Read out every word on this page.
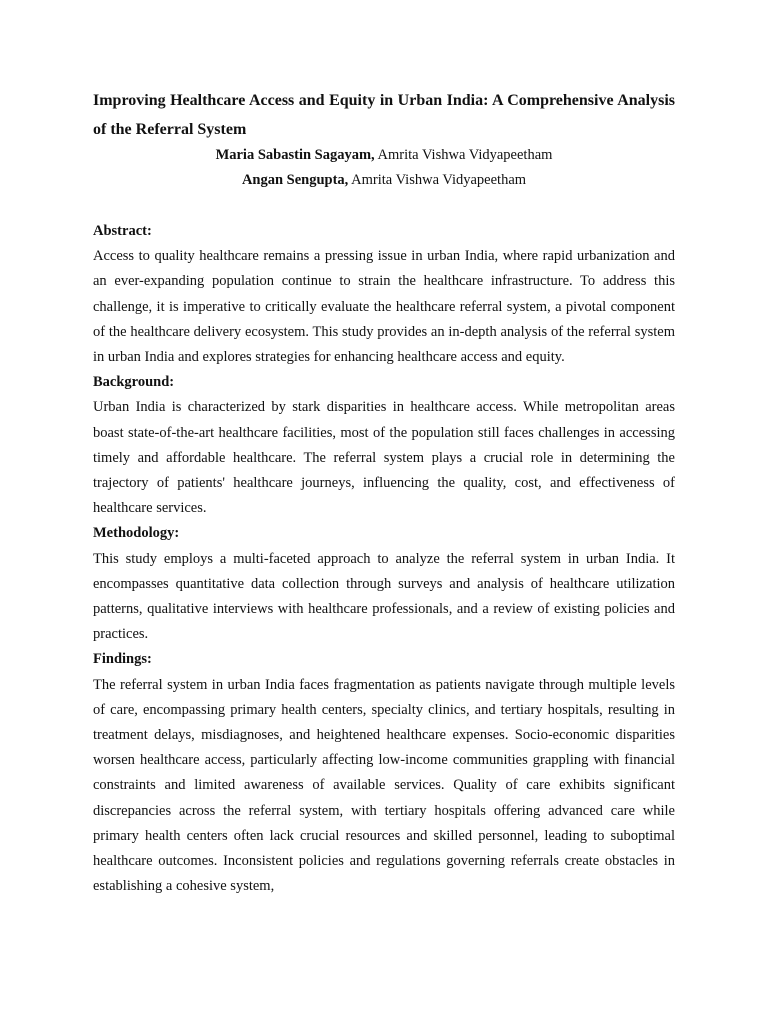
Improving Healthcare Access and Equity in Urban India: A Comprehensive Analysis of the Referral System
Maria Sabastin Sagayam, Amrita Vishwa Vidyapeetham
Angan Sengupta, Amrita Vishwa Vidyapeetham

Abstract:

Access to quality healthcare remains a pressing issue in urban India, where rapid urbanization and an ever-expanding population continue to strain the healthcare infrastructure. To address this challenge, it is imperative to critically evaluate the healthcare referral system, a pivotal component of the healthcare delivery ecosystem. This study provides an in-depth analysis of the referral system in urban India and explores strategies for enhancing healthcare access and equity.

Background:

Urban India is characterized by stark disparities in healthcare access. While metropolitan areas boast state-of-the-art healthcare facilities, most of the population still faces challenges in accessing timely and affordable healthcare. The referral system plays a crucial role in determining the trajectory of patients' healthcare journeys, influencing the quality, cost, and effectiveness of healthcare services.

Methodology:

This study employs a multi-faceted approach to analyze the referral system in urban India. It encompasses quantitative data collection through surveys and analysis of healthcare utilization patterns, qualitative interviews with healthcare professionals, and a review of existing policies and practices.

Findings:

The referral system in urban India faces fragmentation as patients navigate through multiple levels of care, encompassing primary health centers, specialty clinics, and tertiary hospitals, resulting in treatment delays, misdiagnoses, and heightened healthcare expenses. Socio-economic disparities worsen healthcare access, particularly affecting low-income communities grappling with financial constraints and limited awareness of available services. Quality of care exhibits significant discrepancies across the referral system, with tertiary hospitals offering advanced care while primary health centers often lack crucial resources and skilled personnel, leading to suboptimal healthcare outcomes. Inconsistent policies and regulations governing referrals create obstacles in establishing a cohesive system,
